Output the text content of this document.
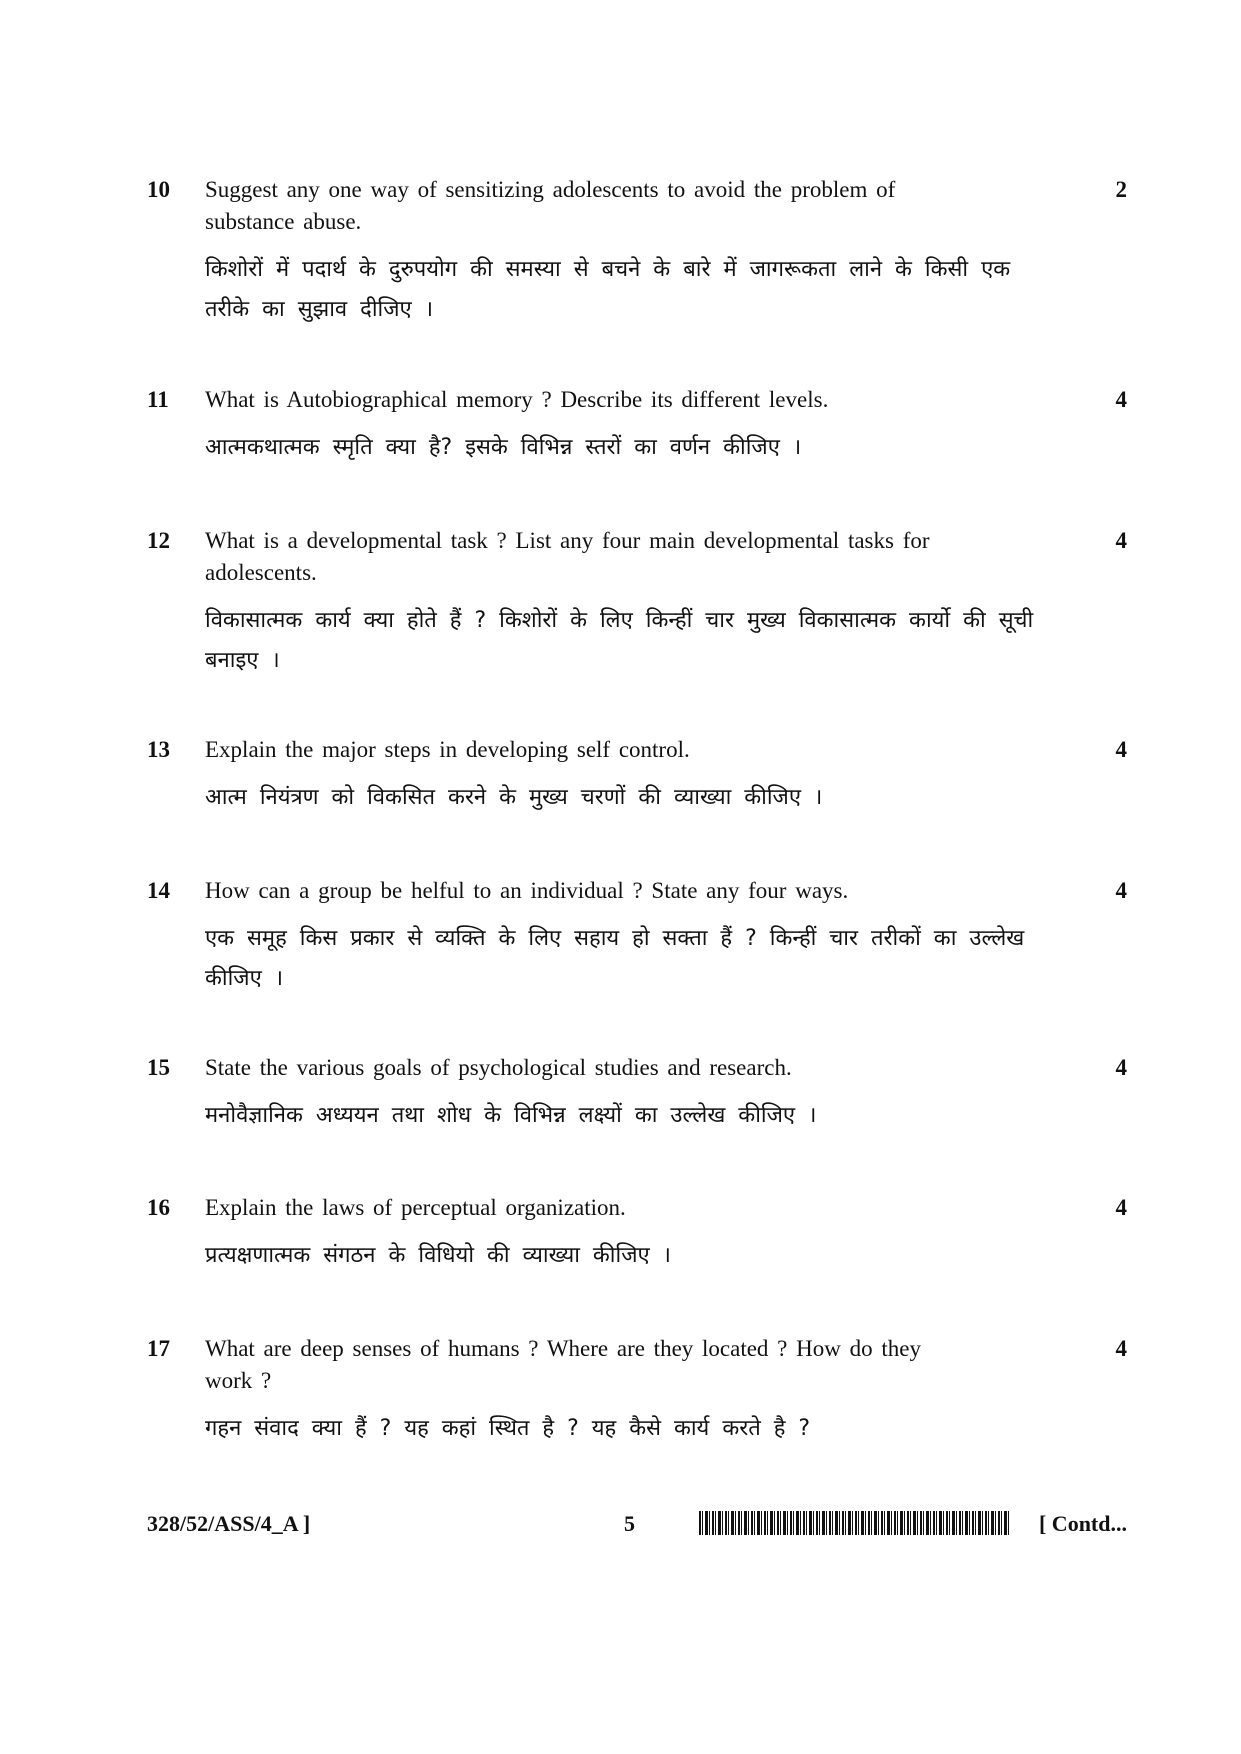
10 Suggest any one way of sensitizing adolescents to avoid the problem of substance abuse.
किशोरों में पदार्थ के दुरुपयोग की समस्या से बचने के बारे में जागरूकता लाने के किसी एक तरीके का सुझाव दीजिए ।
2
11 What is Autobiographical memory ? Describe its different levels.
आत्मकथात्मक स्मृति क्या है? इसके विभिन्न स्तरों का वर्णन कीजिए ।
4
12 What is a developmental task ? List any four main developmental tasks for adolescents.
विकासात्मक कार्य क्या होते हैं ? किशोरों के लिए किन्हीं चार मुख्य विकासात्मक कार्यो की सूची बनाइए ।
4
13 Explain the major steps in developing self control.
आत्म नियंत्रण को विकसित करने के मुख्य चरणों की व्याख्या कीजिए ।
4
14 How can a group be helful to an individual ? State any four ways.
एक समूह किस प्रकार से व्यक्ति के लिए सहाय हो सक्ता हैं ? किन्हीं चार तरीकों का उल्लेख कीजिए ।
4
15 State the various goals of psychological studies and research.
मनोवैज्ञानिक अध्ययन तथा शोध के विभिन्न लक्ष्यों का उल्लेख कीजिए ।
4
16 Explain the laws of perceptual organization.
प्रत्यक्षणात्मक संगठन के विधियो की व्याख्या कीजिए ।
4
17 What are deep senses of humans ? Where are they located ? How do they work ?
गहन संवाद क्या हैं ? यह कहां स्थित है ? यह कैसे कार्य करते है ?
4
328/52/ASS/4_A ]	5	[ Contd...
